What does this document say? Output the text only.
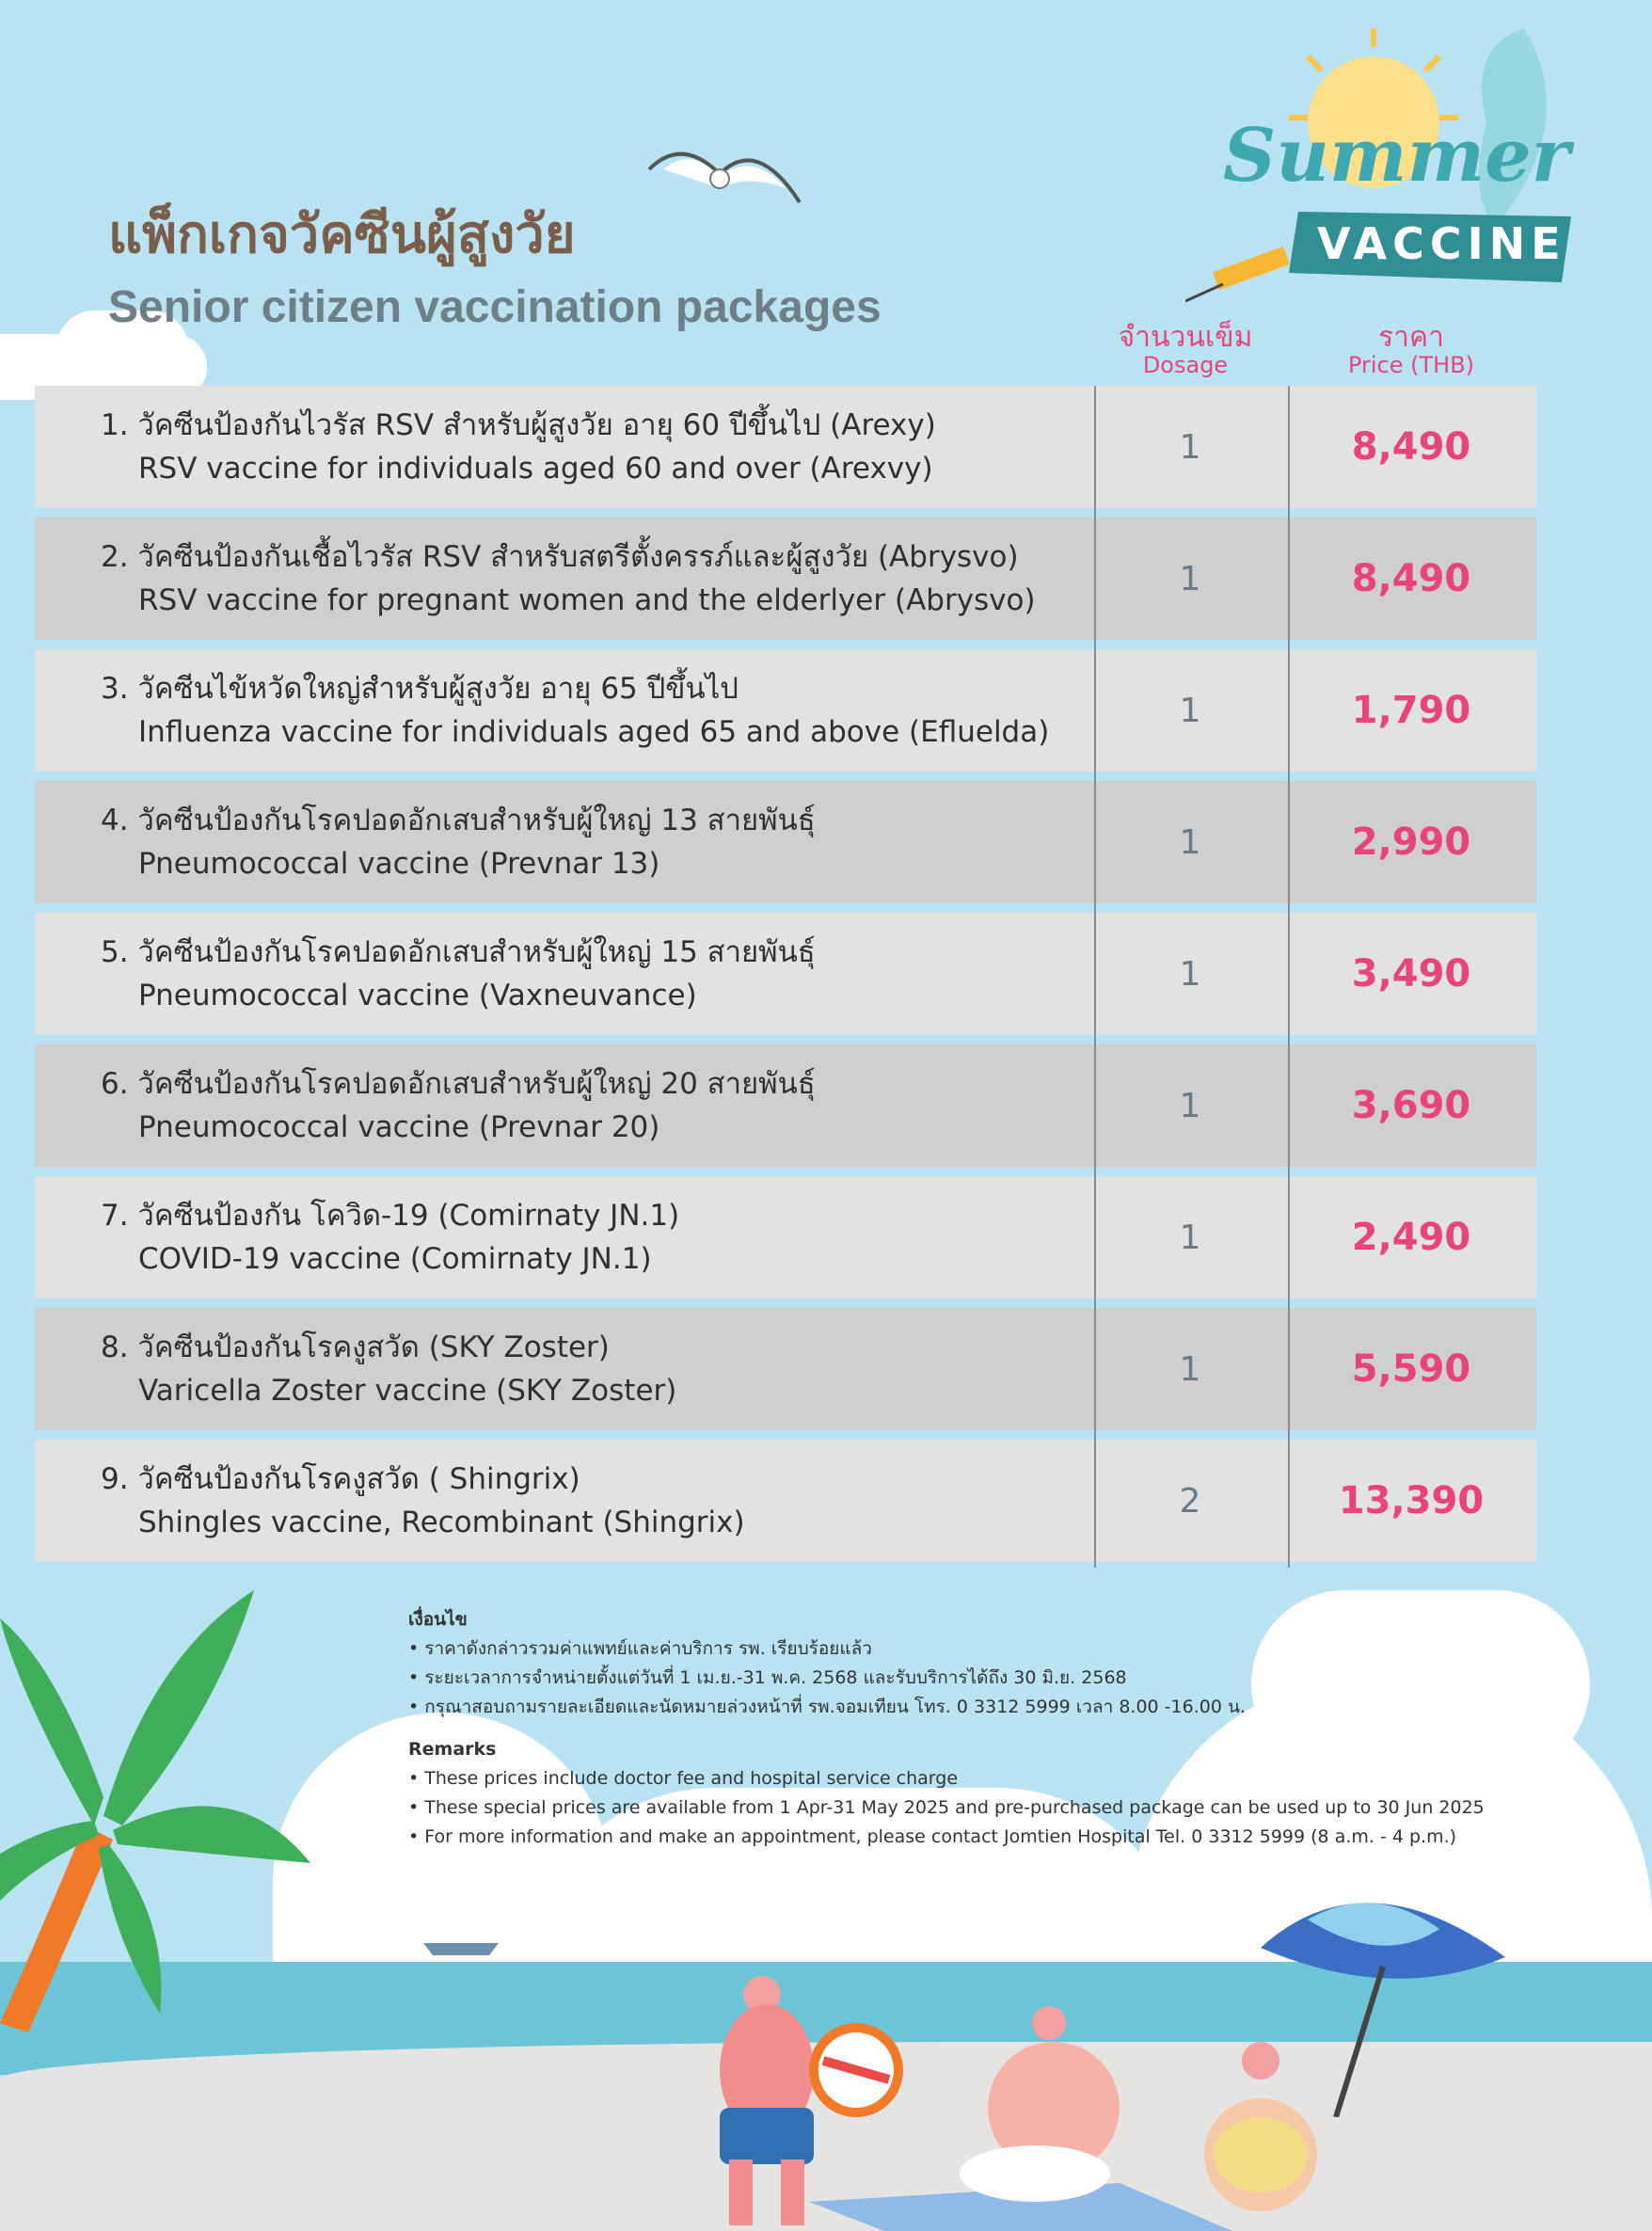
Summer
VACCINE
แพ็กเกจวัคซีนผู้สูงวัย
Senior citizen vaccination packages
จำนวนเข็ม
Dosage
ราคา
Price (THB)
1. วัคซีนป้องกันไวรัส RSV สำหรับผู้สูงวัย อายุ 60 ปีขึ้นไป (Arexy)
RSV vaccine for individuals aged 60 and over (Arexvy)
1	8,490
2. วัคซีนป้องกันเชื้อไวรัส RSV สำหรับสตรีตั้งครรภ์และผู้สูงวัย (Abrysvo)
RSV vaccine for pregnant women and the elderlyer (Abrysvo)
1	8,490
3. วัคซีนไข้หวัดใหญ่สำหรับผู้สูงวัย อายุ 65 ปีขึ้นไป
Influenza vaccine for individuals aged 65 and above (Efluelda)
1	1,790
4. วัคซีนป้องกันโรคปอดอักเสบสำหรับผู้ใหญ่ 13 สายพันธุ์
Pneumococcal vaccine (Prevnar 13)
1	2,990
5. วัคซีนป้องกันโรคปอดอักเสบสำหรับผู้ใหญ่ 15 สายพันธุ์
Pneumococcal vaccine (Vaxneuvance)
1	3,490
6. วัคซีนป้องกันโรคปอดอักเสบสำหรับผู้ใหญ่ 20 สายพันธุ์
Pneumococcal vaccine (Prevnar 20)
1	3,690
7. วัคซีนป้องกัน โควิด-19 (Comirnaty JN.1)
COVID-19 vaccine (Comirnaty JN.1)
1	2,490
8. วัคซีนป้องกันโรคงูสวัด (SKY Zoster)
Varicella Zoster vaccine (SKY Zoster)
1	5,590
9. วัคซีนป้องกันโรคงูสวัด ( Shingrix)
Shingles vaccine, Recombinant (Shingrix)
2	13,390
เงื่อนไข
• ราคาดังกล่าวรวมค่าแพทย์และค่าบริการ รพ. เรียบร้อยแล้ว
• ระยะเวลาการจำหน่ายตั้งแต่วันที่ 1 เม.ย.-31 พ.ค. 2568 และรับบริการได้ถึง 30 มิ.ย. 2568
• กรุณาสอบถามรายละเอียดและนัดหมายล่วงหน้าที่ รพ.จอมเทียน โทร. 0 3312 5999 เวลา 8.00 -16.00 น.
Remarks
• These prices include doctor fee and hospital service charge
• These special prices are available from 1 Apr-31 May 2025 and pre-purchased package can be used up to 30 Jun 2025
• For more information and make an appointment, please contact Jomtien Hospital Tel. 0 3312 5999 (8 a.m. - 4 p.m.)
